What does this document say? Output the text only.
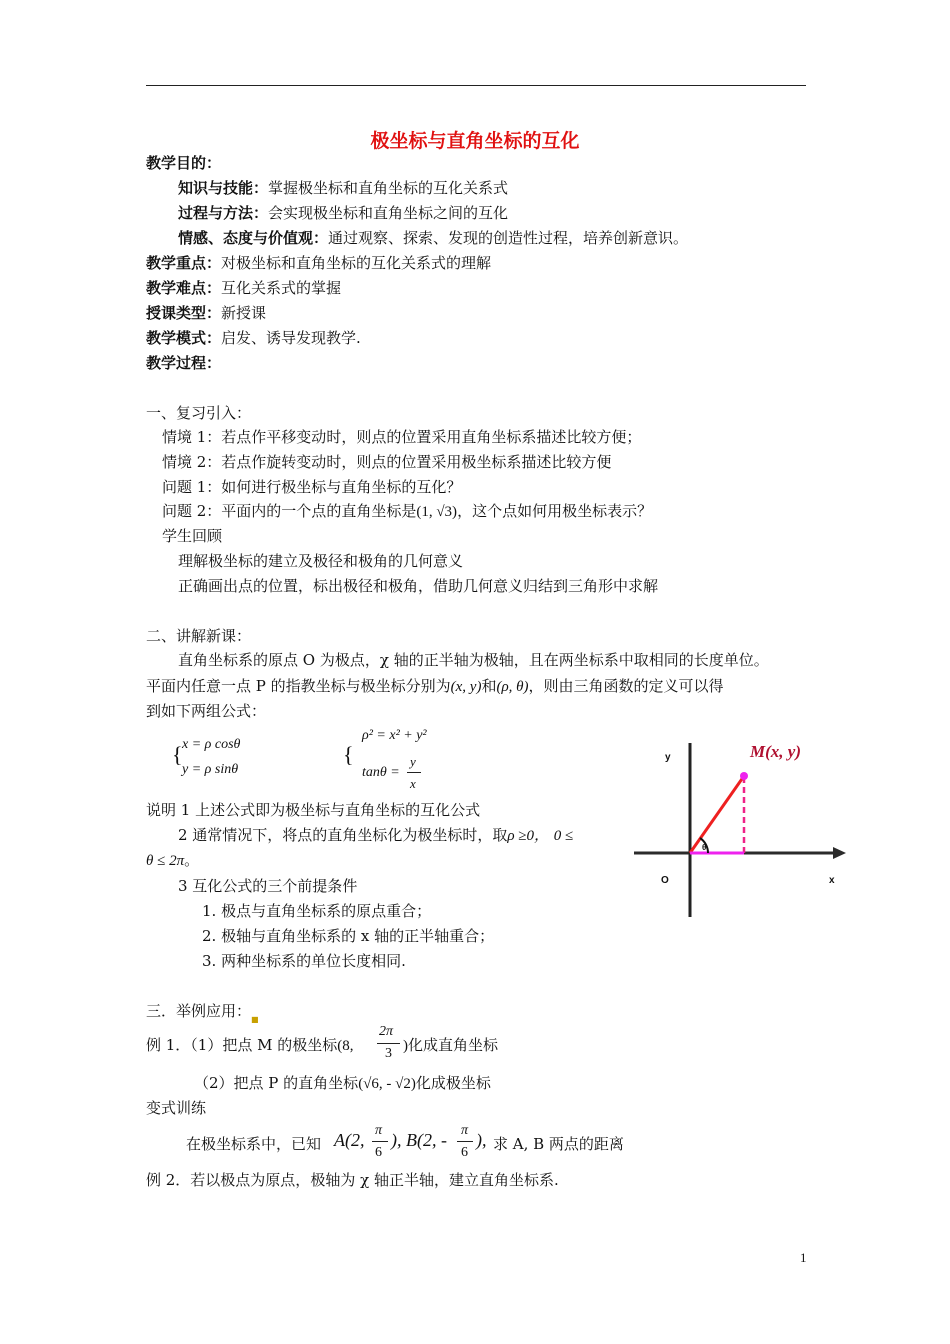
极坐标与直角坐标的互化
教学目的：
知识与技能：掌握极坐标和直角坐标的互化关系式
过程与方法：会实现极坐标和直角坐标之间的互化
情感、态度与价值观：通过观察、探索、发现的创造性过程，培养创新意识。
教学重点：对极坐标和直角坐标的互化关系式的理解
教学难点：互化关系式的掌握
授课类型：新授课
教学模式：启发、诱导发现教学.
教学过程：
一、复习引入：
情境 1：若点作平移变动时，则点的位置采用直角坐标系描述比较方便；
情境 2：若点作旋转变动时，则点的位置采用极坐标系描述比较方便
问题 1：如何进行极坐标与直角坐标的互化？
问题 2：平面内的一个点的直角坐标是(1, √3)，这个点如何用极坐标表示？
学生回顾
理解极坐标的建立及极径和极角的几何意义
正确画出点的位置，标出极径和极角，借助几何意义归结到三角形中求解
二、讲解新课：
直角坐标系的原点 O 为极点，χ 轴的正半轴为极轴，且在两坐标系中取相同的长度单位。
平面内任意一点 P 的指教坐标与极坐标分别为(x, y)和(ρ, θ)，则由三角函数的定义可以得
到如下两组公式：
{ x = ρ cosθ
y = ρ sinθ
{
ρ² = x² + y²
tanθ =
y
x
说明 1 上述公式即为极坐标与直角坐标的互化公式
2 通常情况下，将点的直角坐标化为极坐标时，取ρ ≥0， 0 ≤
θ ≤ 2π。
3 互化公式的三个前提条件
1. 极点与直角坐标系的原点重合；
2. 极轴与直角坐标系的 x 轴的正半轴重合；
3. 两种坐标系的单位长度相同.
M(x, y)
y
x
O
θ
三．举例应用：$_■$
例 1．（1）把点 M 的极坐标(8,
2π
3 )化成直角坐标
（2）把点 P 的直角坐标(√6, - √2)化成极坐标
变式训练
在极坐标系中，已知 A(2, π
6
), B(2, - π
6
), 求 A, B 两点的距离
例 2．若以极点为原点，极轴为 χ 轴正半轴，建立直角坐标系.
1
